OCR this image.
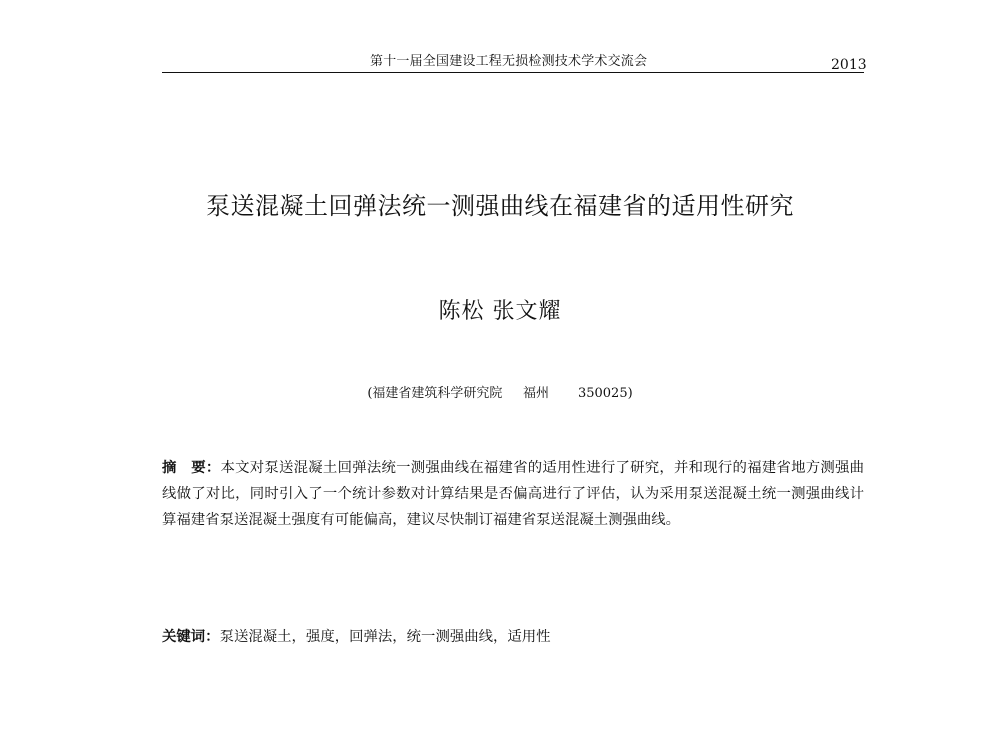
第十一届全国建设工程无损检测技术学术交流会	2013
泵送混凝土回弹法统一测强曲线在福建省的适用性研究
陈松 张文耀
(福建省建筑科学研究院     福州       350025)
摘　要：本文对泵送混凝土回弹法统一测强曲线在福建省的适用性进行了研究，并和现行的福建省地方测强曲线做了对比，同时引入了一个统计参数对计算结果是否偏高进行了评估，认为采用泵送混凝土统一测强曲线计算福建省泵送混凝土强度有可能偏高，建议尽快制订福建省泵送混凝土测强曲线。
关键词：泵送混凝土，强度，回弹法，统一测强曲线，适用性
